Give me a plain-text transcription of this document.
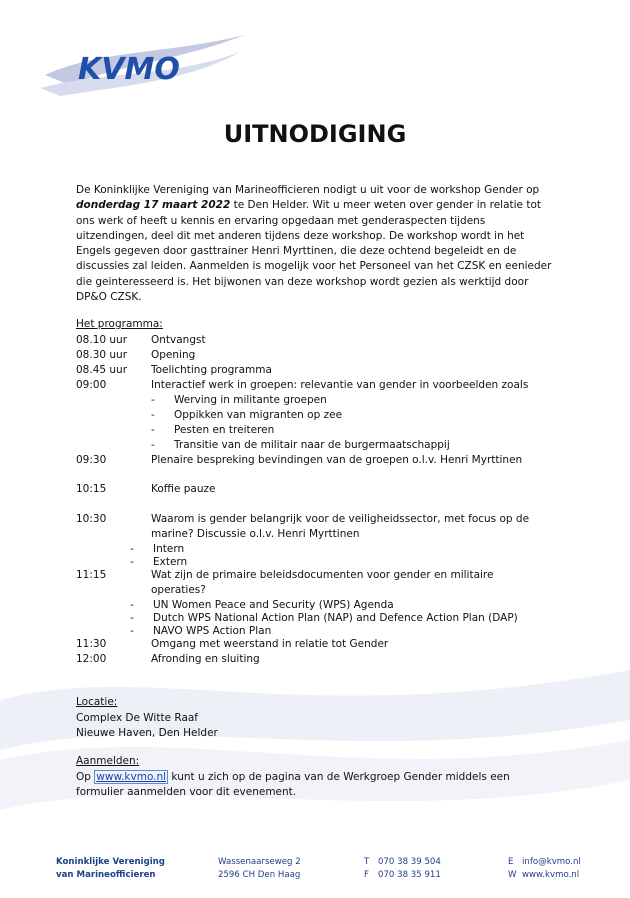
KVMO
UITNODIGING
De Koninklijke Vereniging van Marineofficieren nodigt u uit voor de workshop Gender op donderdag 17 maart 2022 te Den Helder. Wit u meer weten over gender in relatie tot ons werk of heeft u kennis en ervaring opgedaan met genderaspecten tijdens uitzendingen, deel dit met anderen tijdens deze workshop. De workshop wordt in het Engels gegeven door gasttrainer Henri Myrttinen, die deze ochtend begeleidt en de discussies zal leiden. Aanmelden is mogelijk voor het Personeel van het CZSK en eenieder die geinteresseerd is. Het bijwonen van deze workshop wordt gezien als werktijd door DP&O CZSK.
Het programma:
08.10 uur Ontvangst
08.30 uur Opening
08.45 uur Toelichting programma
09:00	Interactief werk in groepen: relevantie van gender in voorbeelden zoals
- Werving in militante groepen
- Oppikken van migranten op zee
- Pesten en treiteren
- Transitie van de militair naar de burgermaatschappij
09:30	Plenaire bespreking bevindingen van de groepen o.l.v. Henri Myrttinen
10:15	Koffie pauze
10:30	Waarom is gender belangrijk voor de veiligheidssector, met focus op de marine? Discussie o.l.v. Henri Myrttinen
- Intern
- Extern
11:15	Wat zijn de primaire beleidsdocumenten voor gender en militaire operaties?
- UN Women Peace and Security (WPS) Agenda
- Dutch WPS National Action Plan (NAP) and Defence Action Plan (DAP)
- NAVO WPS Action Plan
11:30	Omgang met weerstand in relatie tot Gender
12:00	Afronding en sluiting
Locatie:
Complex De Witte Raaf
Nieuwe Haven, Den Helder
Aanmelden:
Op www.kvmo.nl kunt u zich op de pagina van de Werkgroep Gender middels een
formulier aanmelden voor dit evenement.
Koninklijke Vereniging
van Marineofficieren
Wassenaarseweg 2
2596 CH Den Haag
T 070 38 39 504
F 070 38 35 911
E info@kvmo.nl
W www.kvmo.nl
